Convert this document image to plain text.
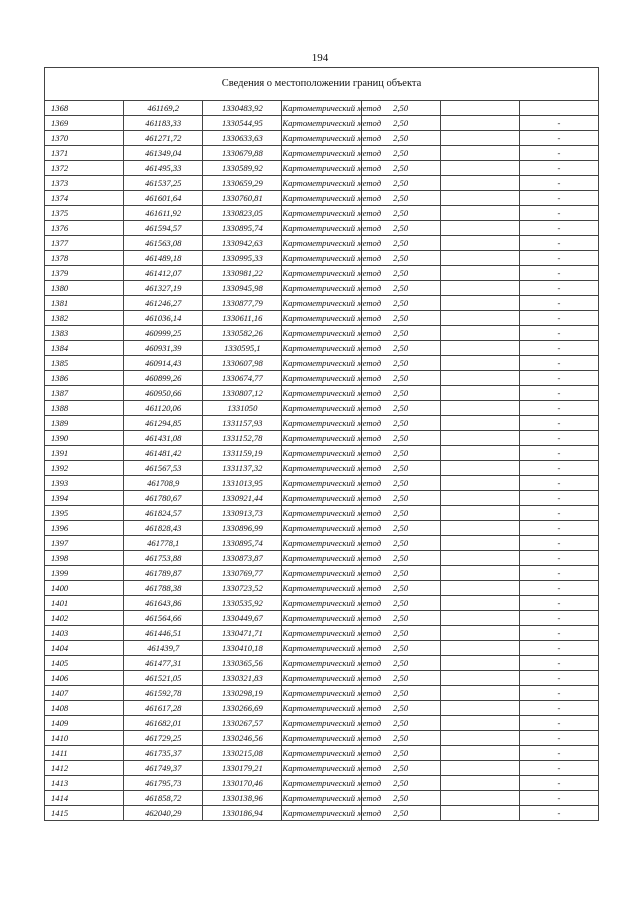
194
Сведения о местоположении границ объекта						
1368	461169,2	1330483,92	Картометрический метод	2,50		
1369	461183,33	1330544,95	Картометрический метод	2,50		-
1370	461271,72	1330633,63	Картометрический метод	2,50		-
1371	461349,04	1330679,88	Картометрический метод	2,50		-
1372	461495,33	1330589,92	Картометрический метод	2,50		-
1373	461537,25	1330659,29	Картометрический метод	2,50		-
1374	461601,64	1330760,81	Картометрический метод	2,50		-
1375	461611,92	1330823,05	Картометрический метод	2,50		-
1376	461594,57	1330895,74	Картометрический метод	2,50		-
1377	461563,08	1330942,63	Картометрический метод	2,50		-
1378	461489,18	1330995,33	Картометрический метод	2,50		-
1379	461412,07	1330981,22	Картометрический метод	2,50		-
1380	461327,19	1330945,98	Картометрический метод	2,50		-
1381	461246,27	1330877,79	Картометрический метод	2,50		-
1382	461036,14	1330611,16	Картометрический метод	2,50		-
1383	460999,25	1330582,26	Картометрический метод	2,50		-
1384	460931,39	1330595,1	Картометрический метод	2,50		-
1385	460914,43	1330607,98	Картометрический метод	2,50		-
1386	460899,26	1330674,77	Картометрический метод	2,50		-
1387	460950,66	1330807,12	Картометрический метод	2,50		-
1388	461120,06	1331050	Картометрический метод	2,50		-
1389	461294,85	1331157,93	Картометрический метод	2,50		-
1390	461431,08	1331152,78	Картометрический метод	2,50		-
1391	461481,42	1331159,19	Картометрический метод	2,50		-
1392	461567,53	1331137,32	Картометрический метод	2,50		-
1393	461708,9	1331013,95	Картометрический метод	2,50		-
1394	461780,67	1330921,44	Картометрический метод	2,50		-
1395	461824,57	1330913,73	Картометрический метод	2,50		-
1396	461828,43	1330896,99	Картометрический метод	2,50		-
1397	461778,1	1330895,74	Картометрический метод	2,50		-
1398	461753,88	1330873,87	Картометрический метод	2,50		-
1399	461789,87	1330769,77	Картометрический метод	2,50		-
1400	461788,38	1330723,52	Картометрический метод	2,50		-
1401	461643,86	1330535,92	Картометрический метод	2,50		-
1402	461564,66	1330449,67	Картометрический метод	2,50		-
1403	461446,51	1330471,71	Картометрический метод	2,50		-
1404	461439,7	1330410,18	Картометрический метод	2,50		-
1405	461477,31	1330365,56	Картометрический метод	2,50		-
1406	461521,05	1330321,83	Картометрический метод	2,50		-
1407	461592,78	1330298,19	Картометрический метод	2,50		-
1408	461617,28	1330266,69	Картометрический метод	2,50		-
1409	461682,01	1330267,57	Картометрический метод	2,50		-
1410	461729,25	1330246,56	Картометрический метод	2,50		-
1411	461735,37	1330215,08	Картометрический метод	2,50		-
1412	461749,37	1330179,21	Картометрический метод	2,50		-
1413	461795,73	1330170,46	Картометрический метод	2,50		-
1414	461858,72	1330138,96	Картометрический метод	2,50		-
1415	462040,29	1330186,94	Картометрический метод	2,50		-
